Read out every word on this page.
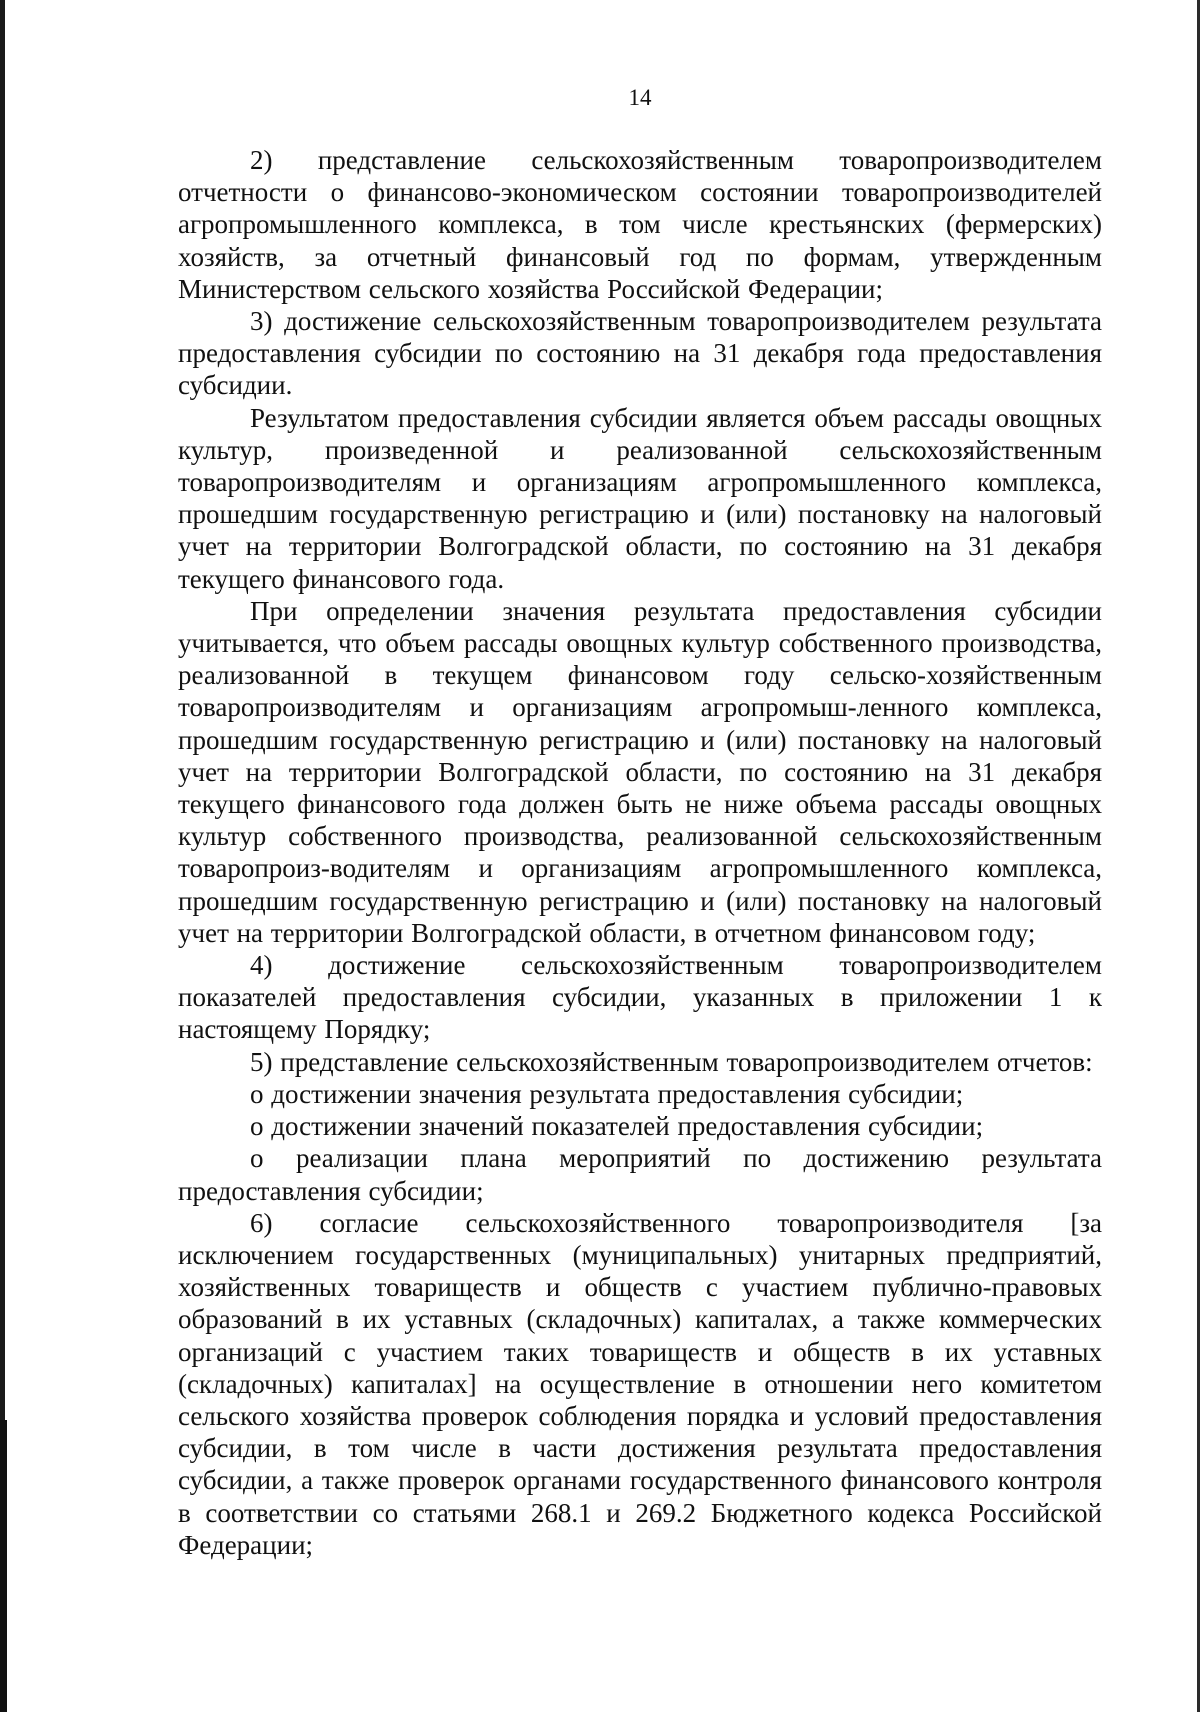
14

2) представление сельскохозяйственным товаропроизводителем отчетности о финансово-экономическом состоянии товаропроизводителей агропромышленного комплекса, в том числе крестьянских (фермерских) хозяйств, за отчетный финансовый год по формам, утвержденным Министерством сельского хозяйства Российской Федерации;

3) достижение сельскохозяйственным товаропроизводителем результата предоставления субсидии по состоянию на 31 декабря года предоставления субсидии.

Результатом предоставления субсидии является объем рассады овощных культур, произведенной и реализованной сельскохозяйственным товаропроизводителям и организациям агропромышленного комплекса, прошедшим государственную регистрацию и (или) постановку на налоговый учет на территории Волгоградской области, по состоянию на 31 декабря текущего финансового года.

При определении значения результата предоставления субсидии учитывается, что объем рассады овощных культур собственного производства, реализованной в текущем финансовом году сельско-хозяйственным товаропроизводителям и организациям агропромыш-ленного комплекса, прошедшим государственную регистрацию и (или) постановку на налоговый учет на территории Волгоградской области, по состоянию на 31 декабря текущего финансового года должен быть не ниже объема рассады овощных культур собственного производства, реализованной сельскохозяйственным товаропроиз-водителям и организациям агропромышленного комплекса, прошедшим государственную регистрацию и (или) постановку на налоговый учет на территории Волгоградской области, в отчетном финансовом году;

4) достижение сельскохозяйственным товаропроизводителем показателей предоставления субсидии, указанных в приложении 1 к настоящему Порядку;

5) представление сельскохозяйственным товаропроизводителем отчетов:

о достижении значения результата предоставления субсидии;

о достижении значений показателей предоставления субсидии;

о реализации плана мероприятий по достижению результата предоставления субсидии;

6) согласие сельскохозяйственного товаропроизводителя [за исключением государственных (муниципальных) унитарных предприятий, хозяйственных товариществ и обществ с участием публично-правовых образований в их уставных (складочных) капиталах, а также коммерческих организаций с участием таких товариществ и обществ в их уставных (складочных) капиталах] на осуществление в отношении него комитетом сельского хозяйства проверок соблюдения порядка и условий предоставления субсидии, в том числе в части достижения результата предоставления субсидии, а также проверок органами государственного финансового контроля в соответствии со статьями 268.1 и 269.2 Бюджетного кодекса Российской Федерации;
